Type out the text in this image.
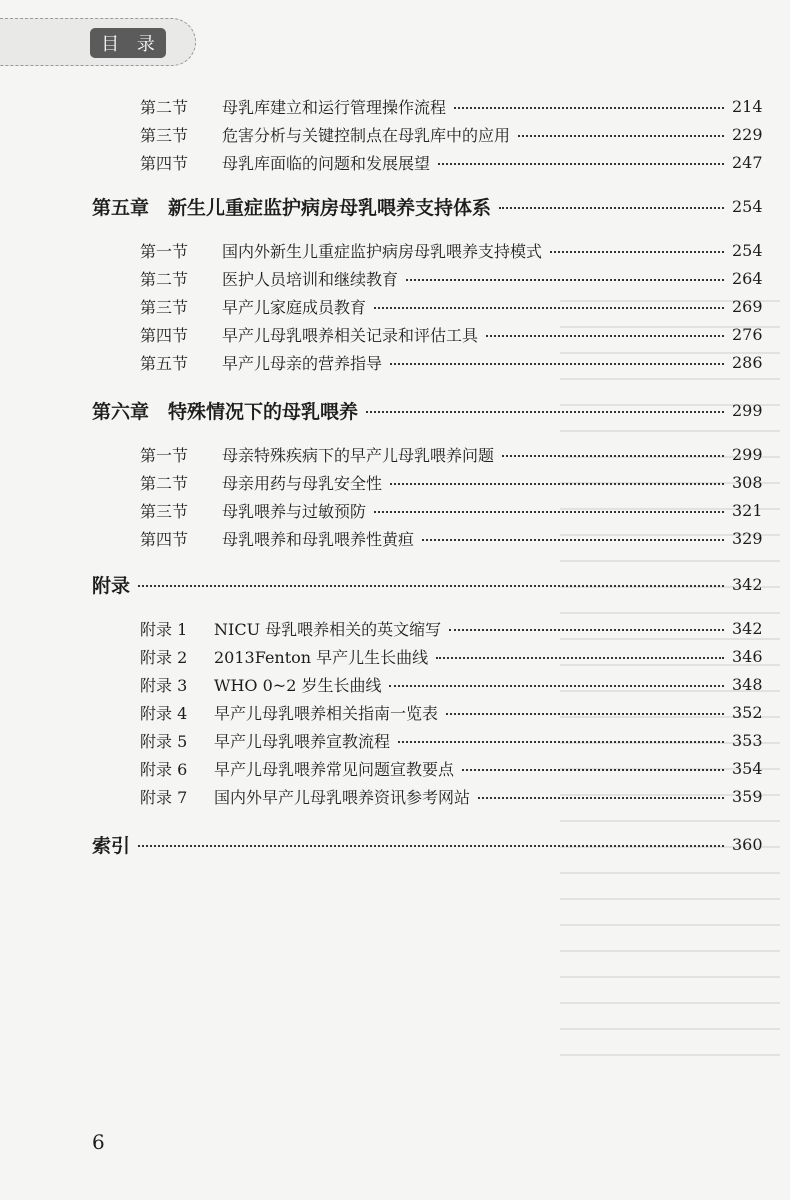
目 录
第二节	母乳库建立和运行管理操作流程	214
第三节	危害分析与关键控制点在母乳库中的应用	229
第四节	母乳库面临的问题和发展展望	247
第五章　新生儿重症监护病房母乳喂养支持体系	254
第一节	国内外新生儿重症监护病房母乳喂养支持模式	254
第二节	医护人员培训和继续教育	264
第三节	早产儿家庭成员教育	269
第四节	早产儿母乳喂养相关记录和评估工具	276
第五节	早产儿母亲的营养指导	286
第六章　特殊情况下的母乳喂养	299
第一节	母亲特殊疾病下的早产儿母乳喂养问题	299
第二节	母亲用药与母乳安全性	308
第三节	母乳喂养与过敏预防	321
第四节	母乳喂养和母乳喂养性黄疸	329
附录	342
附录 1	NICU 母乳喂养相关的英文缩写	342
附录 2	2013Fenton 早产儿生长曲线	346
附录 3	WHO 0~2 岁生长曲线	348
附录 4	早产儿母乳喂养相关指南一览表	352
附录 5	早产儿母乳喂养宣教流程	353
附录 6	早产儿母乳喂养常见问题宣教要点	354
附录 7	国内外早产儿母乳喂养资讯参考网站	359
索引	360
6
